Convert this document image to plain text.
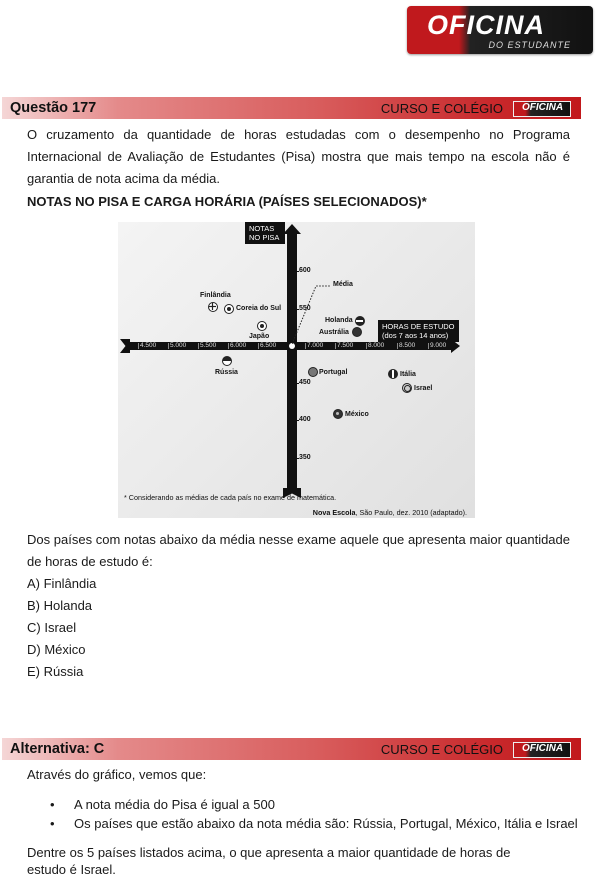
OFICINA
DO ESTUDANTE
Questão 177	CURSO E COLÉGIO OFICINA

O cruzamento da quantidade de horas estudadas com o desempenho no Programa Internacional de Avaliação de Estudantes (Pisa) mostra que mais tempo na escola não é garantia de nota acima da média.

NOTAS NO PISA E CARGA HORÁRIA (PAÍSES SELECIONADOS)*
NOTAS NO PISA
HORAS DE ESTUDO
(dos 7 aos 14 anos)
4.500	5.000	5.500	6.000	6.500	7.000	7.500	8.000	8.500	9.000
600
550
450
400
350
Média
Finlândia
Coreia do Sul
Japão
Rússia
Holanda
Austrália
Portugal	Itália
Israel
México
* Considerando as médias de cada país no exame de matemática.
Nova Escola, São Paulo, dez. 2010 (adaptado).

Dos países com notas abaixo da média nesse exame aquele que apresenta maior quantidade de horas de estudo é:

A) Finlândia
B) Holanda
C) Israel
D) México
E) Rússia
Alternativa: C	CURSO E COLÉGIO OFICINA
Através do gráfico, vemos que:
• A nota média do Pisa é igual a 500
• Os países que estão abaixo da nota média são: Rússia, Portugal, México, Itália e Israel

Dentre os 5 países listados acima, o que apresenta a maior quantidade de horas de estudo é Israel.
